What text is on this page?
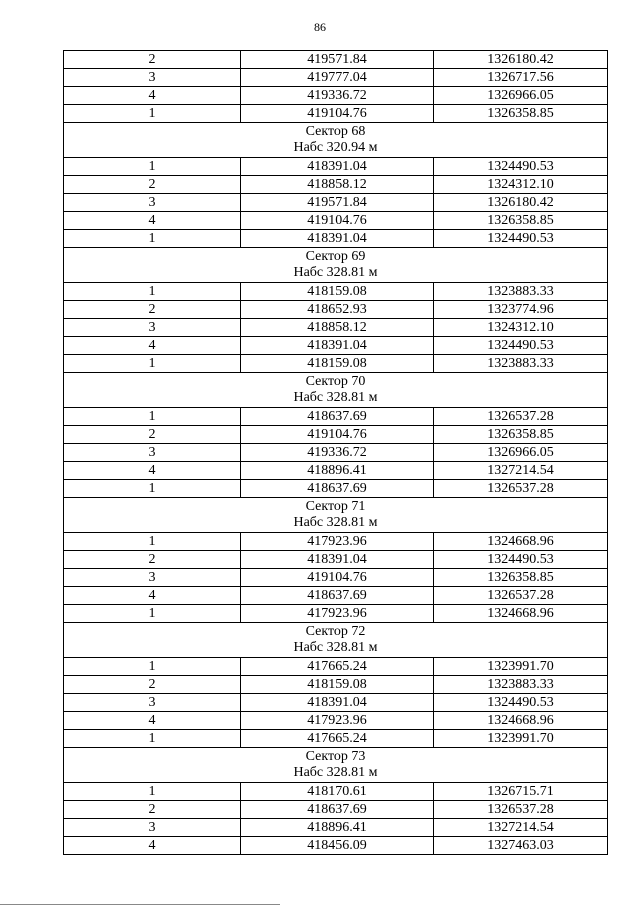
86
2	419571.84	1326180.42
3	419777.04	1326717.56
4	419336.72	1326966.05
1	419104.76	1326358.85

Сектор 68
Набс 320.94 м		

1	418391.04	1324490.53
2	418858.12	1324312.10
3	419571.84	1326180.42
4	419104.76	1326358.85
1	418391.04	1324490.53

Сектор 69
Набс 328.81 м		

1	418159.08	1323883.33
2	418652.93	1323774.96
3	418858.12	1324312.10
4	418391.04	1324490.53
1	418159.08	1323883.33

Сектор 70
Набс 328.81 м		

1	418637.69	1326537.28
2	419104.76	1326358.85
3	419336.72	1326966.05
4	418896.41	1327214.54
1	418637.69	1326537.28

Сектор 71
Набс 328.81 м		

1	417923.96	1324668.96
2	418391.04	1324490.53
3	419104.76	1326358.85
4	418637.69	1326537.28
1	417923.96	1324668.96

Сектор 72
Набс 328.81 м		

1	417665.24	1323991.70
2	418159.08	1323883.33
3	418391.04	1324490.53
4	417923.96	1324668.96
1	417665.24	1323991.70

Сектор 73
Набс 328.81 м		

1	418170.61	1326715.71
2	418637.69	1326537.28
3	418896.41	1327214.54
4	418456.09	1327463.03
